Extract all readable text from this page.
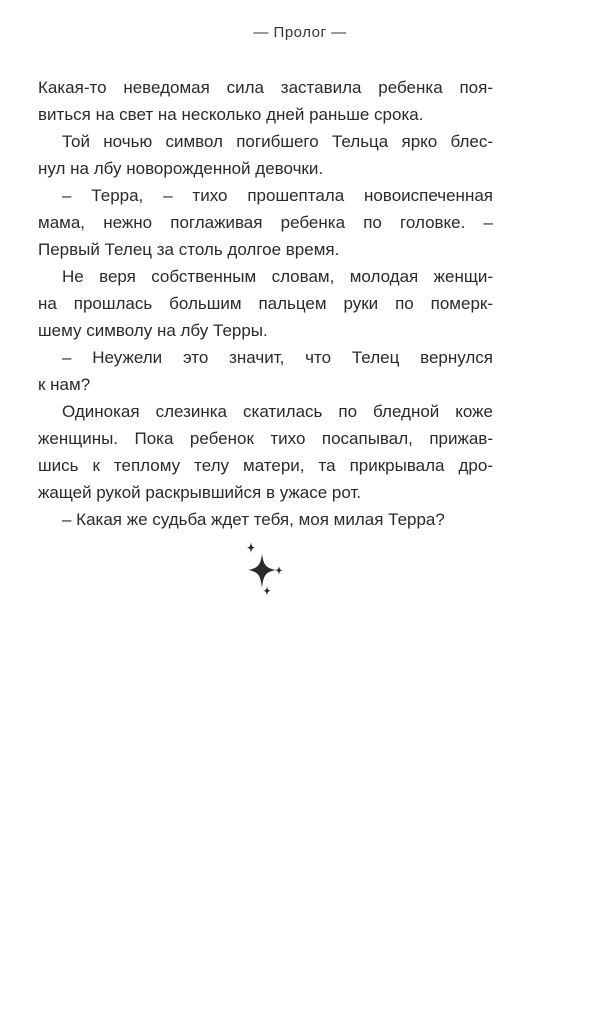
— Пролог —
Какая-то неведомая сила заставила ребенка поя-
виться на свет на несколько дней раньше срока.
Той ночью символ погибшего Тельца ярко блес-
нул на лбу новорожденной девочки.
– Терра, – тихо прошептала новоиспеченная
мама, нежно поглаживая ребенка по головке. –
Первый Телец за столь долгое время.
Не веря собственным словам, молодая женщи-
на прошлась большим пальцем руки по померк-
шему символу на лбу Терры.
– Неужели это значит, что Телец вернулся
к нам?
Одинокая слезинка скатилась по бледной коже
женщины. Пока ребенок тихо посапывал, прижав-
шись к теплому телу матери, та прикрывала дро-
жащей рукой раскрывшийся в ужасе рот.
– Какая же судьба ждет тебя, моя милая Терра?
